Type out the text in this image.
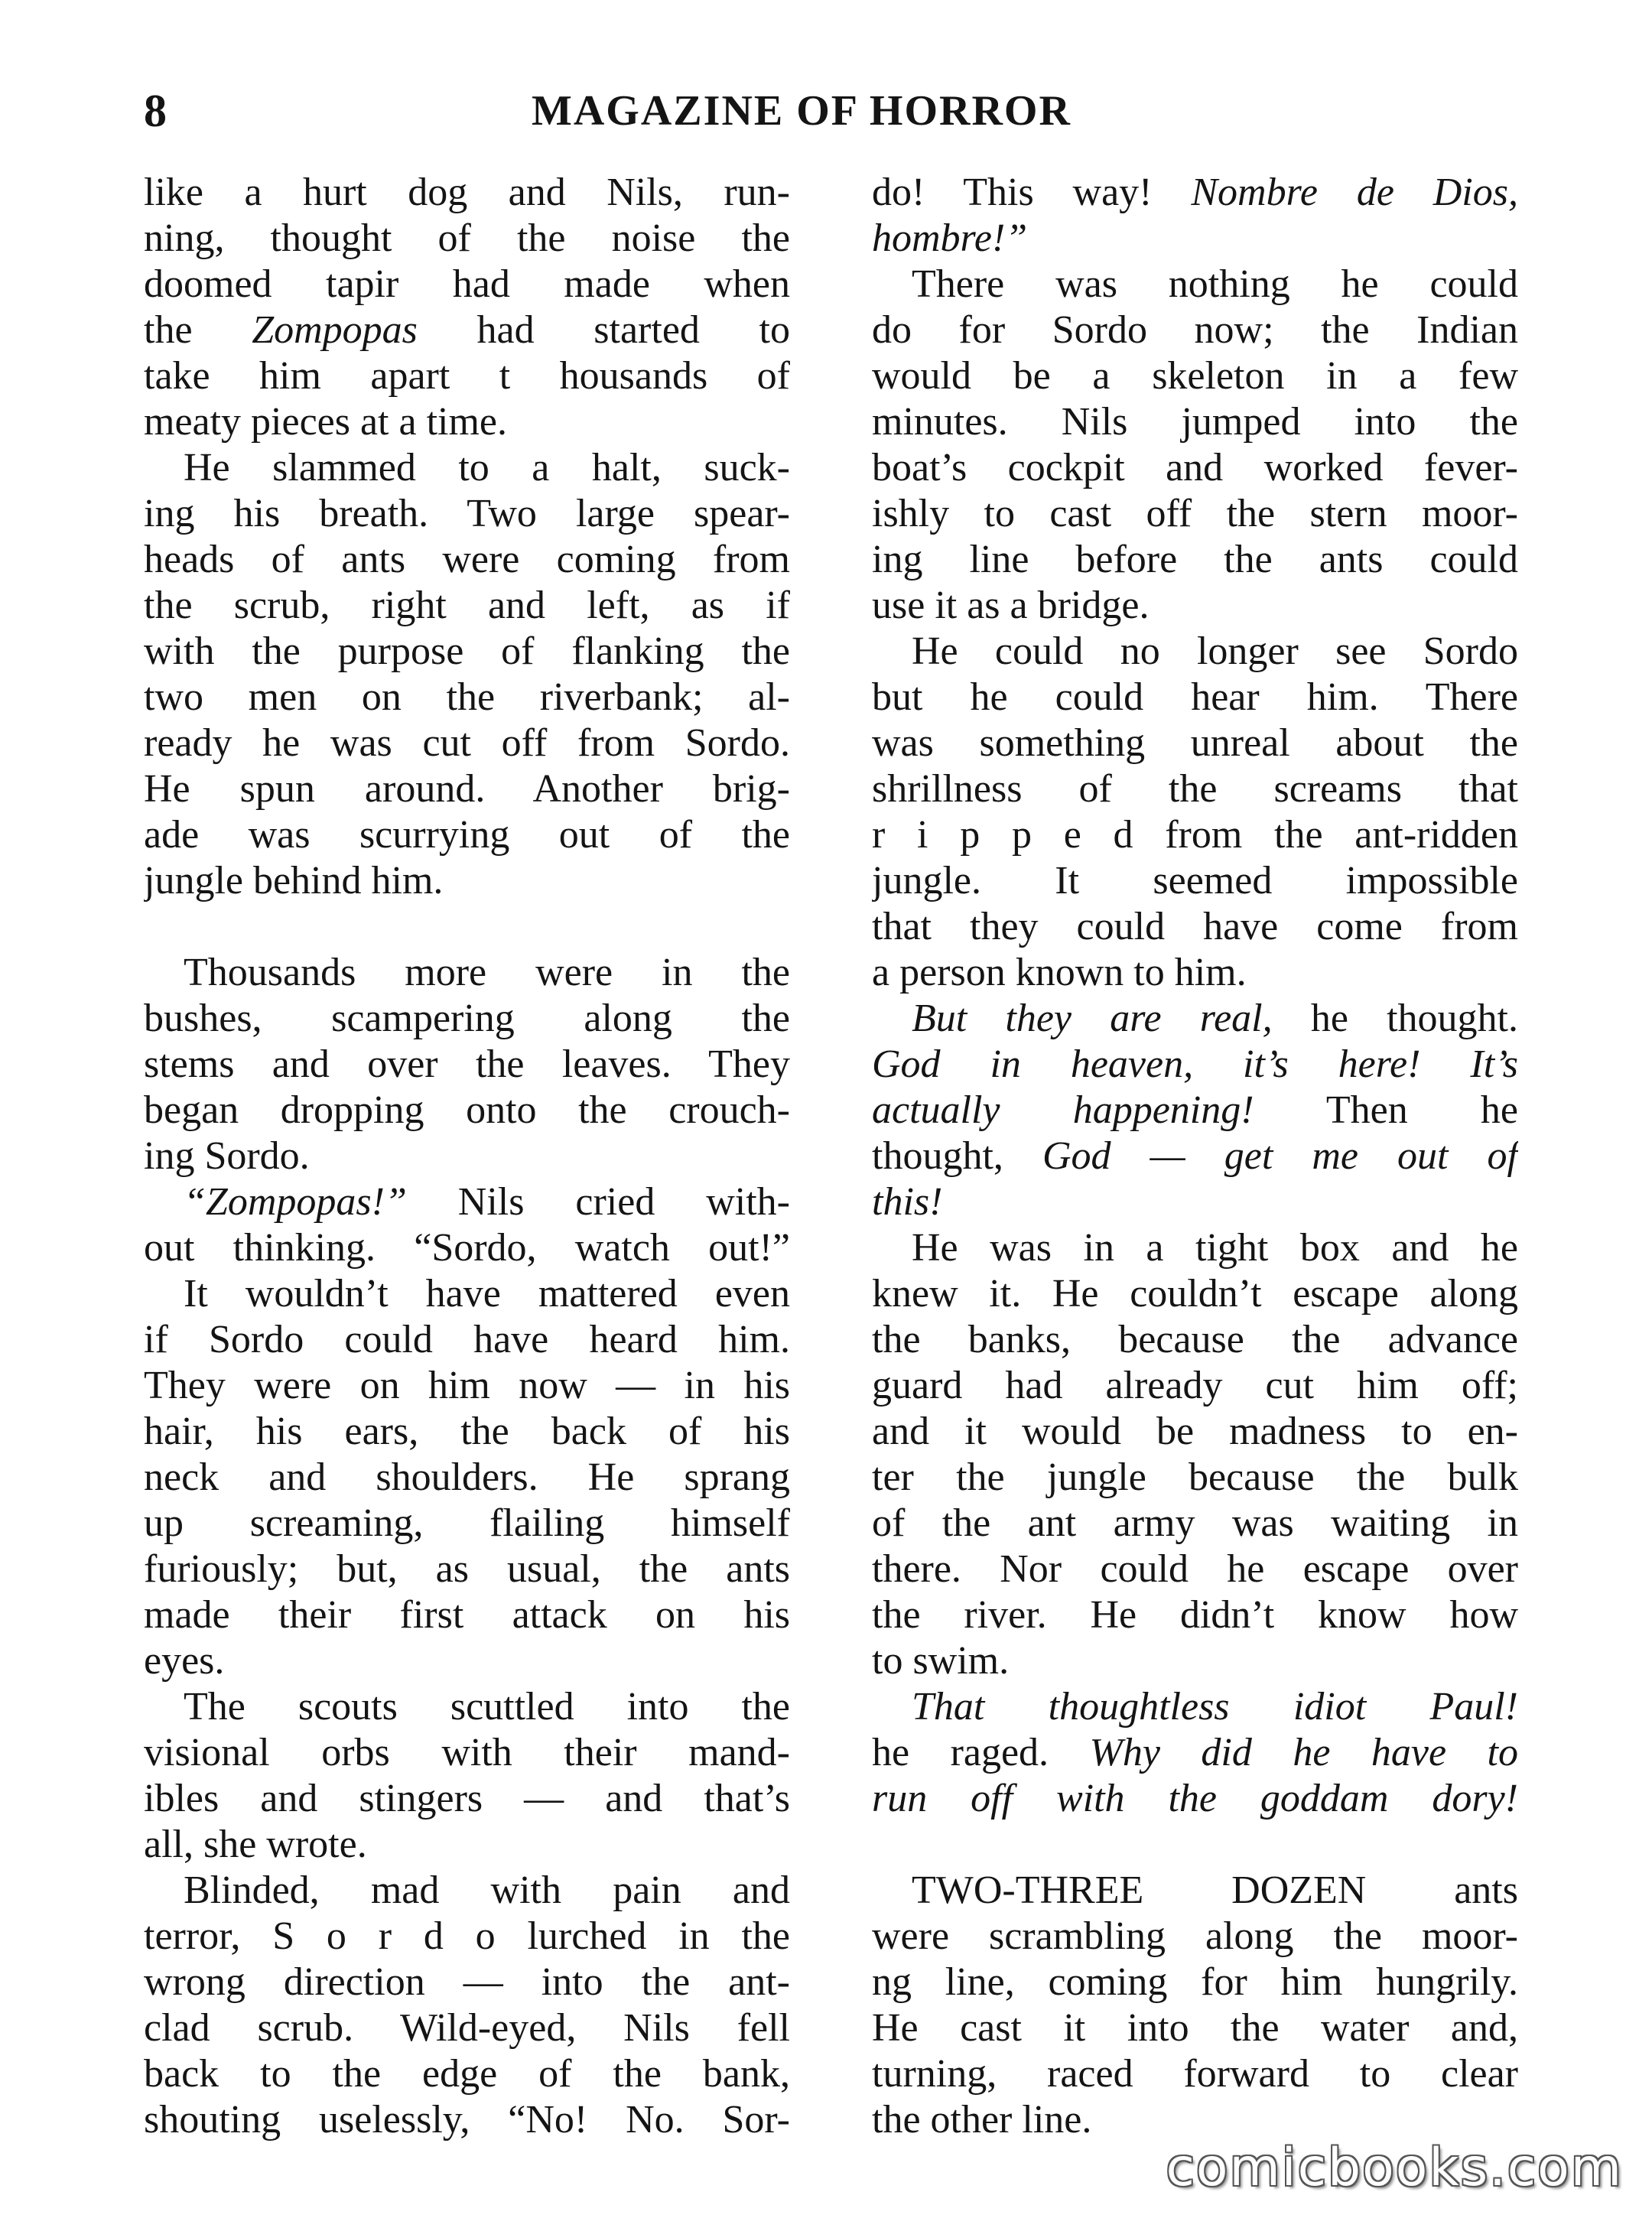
8	MAGAZINE OF HORROR
like a hurt dog and Nils, run-
ning, thought of the noise the
doomed tapir had made when
the Zompopas had started to
take him apart t housands of
meaty pieces at a time.
He slammed to a halt, suck-
ing his breath. Two large spear-
heads of ants were coming from
the scrub, right and left, as if
with the purpose of flanking the
two men on the riverbank; al-
ready he was cut off from Sordo.
He spun around. Another brig-
ade was scurrying out of the
jungle behind him.
Thousands more were in the
bushes, scampering along the
stems and over the leaves. They
began dropping onto the crouch-
ing Sordo.
“Zompopas!” Nils cried with-
out thinking. “Sordo, watch out!”
It wouldn’t have mattered even
if Sordo could have heard him.
They were on him now — in his
hair, his ears, the back of his
neck and shoulders. He sprang
up screaming, flailing himself
furiously; but, as usual, the ants
made their first attack on his
eyes.
The scouts scuttled into the
visional orbs with their mand-
ibles and stingers — and that’s
all, she wrote.
Blinded, mad with pain and
terror, S o r d o lurched in the
wrong direction — into the ant-
clad scrub. Wild-eyed, Nils fell
back to the edge of the bank,
shouting uselessly, “No! No. Sor-
do! This way! Nombre de Dios,
hombre!”
There was nothing he could
do for Sordo now; the Indian
would be a skeleton in a few
minutes. Nils jumped into the
boat’s cockpit and worked fever-
ishly to cast off the stern moor-
ing line before the ants could
use it as a bridge.
He could no longer see Sordo
but he could hear him. There
was something unreal about the
shrillness of the screams that
r i p p e d from the ant-ridden
jungle. It seemed impossible
that they could have come from
a person known to him.
But they are real, he thought.
God in heaven, it’s here! It’s
actually happening! Then he
thought, God — get me out of
this!
He was in a tight box and he
knew it. He couldn’t escape along
the banks, because the advance
guard had already cut him off;
and it would be madness to en-
ter the jungle because the bulk
of the ant army was waiting in
there. Nor could he escape over
the river. He didn’t know how
to swim.
That thoughtless idiot Paul!
he raged. Why did he have to
run off with the goddam dory!
TWO-THREE DOZEN ants
were scrambling along the moor-
ng line, coming for him hungrily.
He cast it into the water and,
turning, raced forward to clear
the other line.
comicbooks.com
